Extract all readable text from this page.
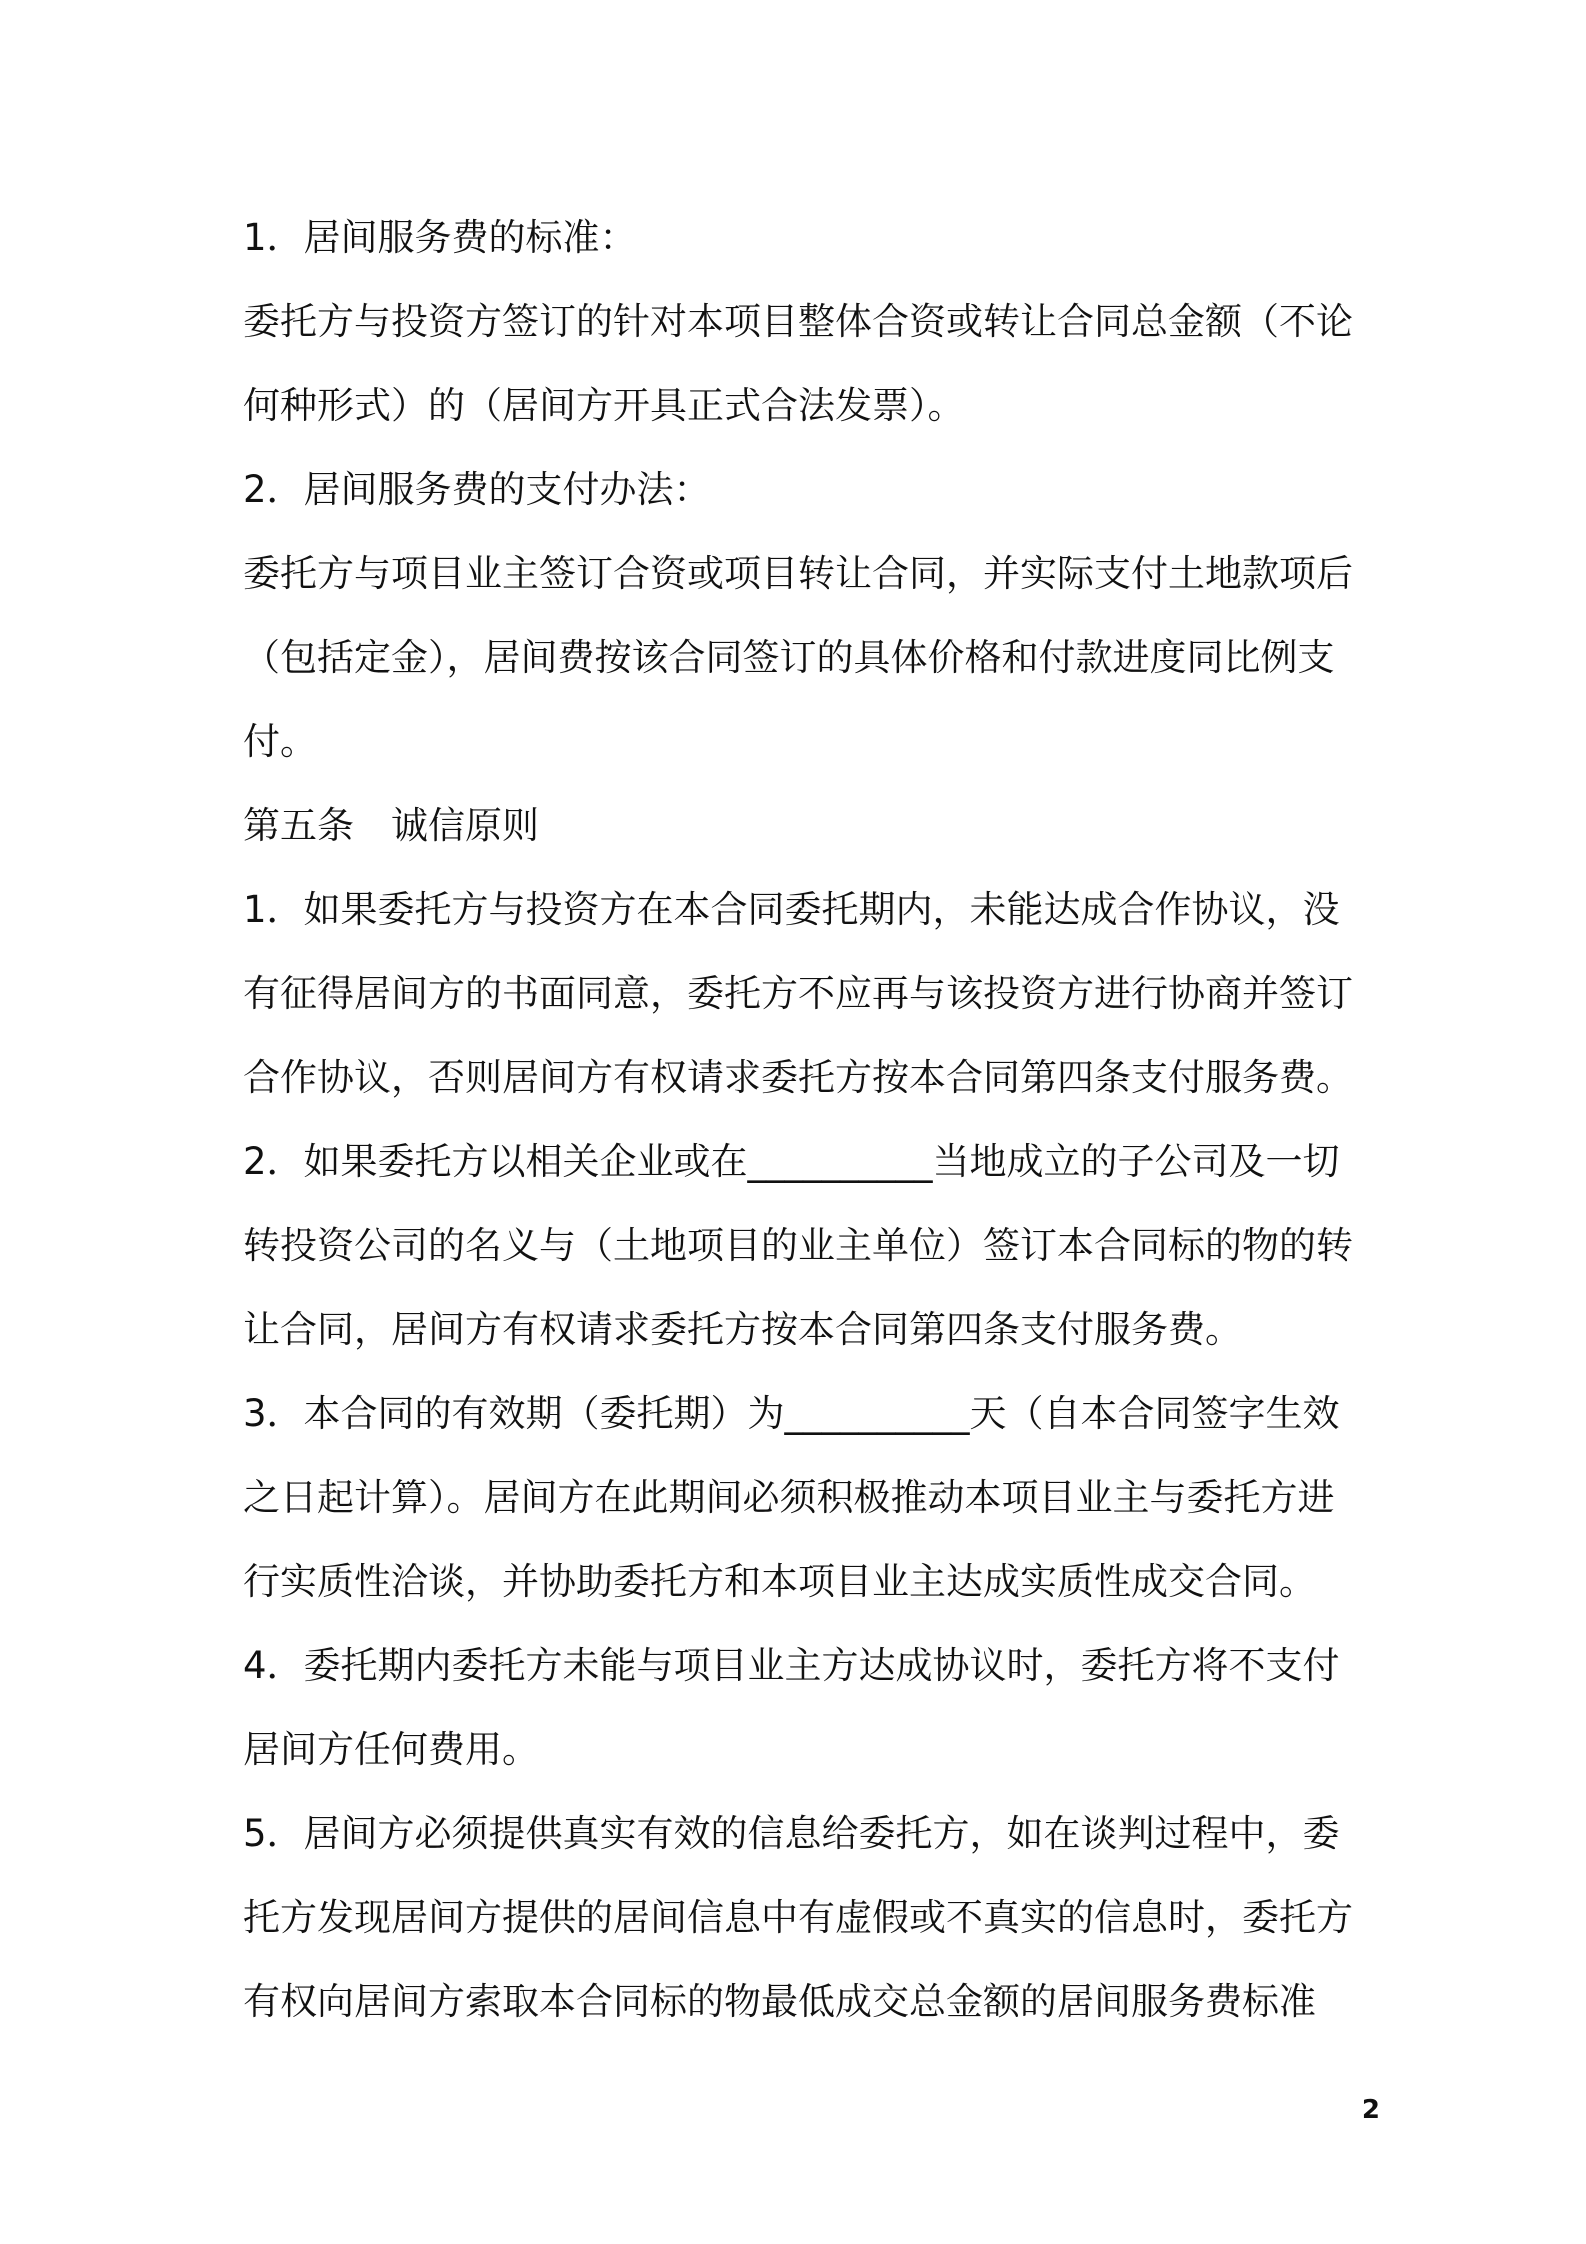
1．居间服务费的标准：
委托方与投资方签订的针对本项目整体合资或转让合同总金额（不论
何种形式）的（居间方开具正式合法发票）。
2．居间服务费的支付办法：
委托方与项目业主签订合资或项目转让合同，并实际支付土地款项后
（包括定金），居间费按该合同签订的具体价格和付款进度同比例支
付。
第五条　诚信原则
1．如果委托方与投资方在本合同委托期内，未能达成合作协议，没
有征得居间方的书面同意，委托方不应再与该投资方进行协商并签订
合作协议，否则居间方有权请求委托方按本合同第四条支付服务费。
2．如果委托方以相关企业或在__________当地成立的子公司及一切
转投资公司的名义与（土地项目的业主单位）签订本合同标的物的转
让合同，居间方有权请求委托方按本合同第四条支付服务费。
3．本合同的有效期（委托期）为__________天（自本合同签字生效
之日起计算）。居间方在此期间必须积极推动本项目业主与委托方进
行实质性洽谈，并协助委托方和本项目业主达成实质性成交合同。
4．委托期内委托方未能与项目业主方达成协议时，委托方将不支付
居间方任何费用。
5．居间方必须提供真实有效的信息给委托方，如在谈判过程中，委
托方发现居间方提供的居间信息中有虚假或不真实的信息时，委托方
有权向居间方索取本合同标的物最低成交总金额的居间服务费标准
2
